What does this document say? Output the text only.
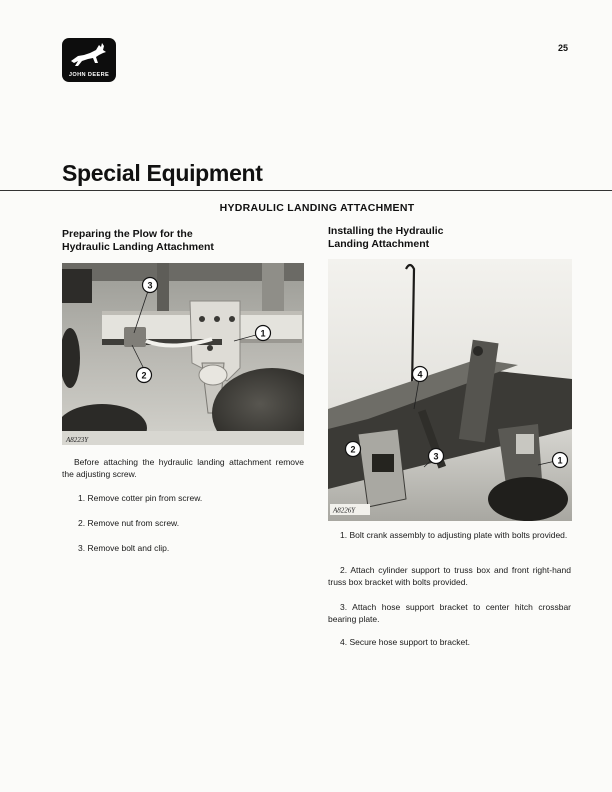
JOHN DEERE
25
Special Equipment
HYDRAULIC LANDING ATTACHMENT
Preparing the Plow for the
Hydraulic Landing Attachment
3
2
1
A8223Y
Before attaching the hydraulic landing attachment remove the adjusting screw.
1. Remove cotter pin from screw.
2. Remove nut from screw.
3. Remove bolt and clip.
Installing the Hydraulic
Landing Attachment
4
2
3	1
A8226Y
1. Bolt crank assembly to adjusting plate with bolts provided.
2. Attach cylinder support to truss box and front right-hand truss box bracket with bolts provided.
3. Attach hose support bracket to center hitch crossbar bearing plate.
4. Secure hose support to bracket.
